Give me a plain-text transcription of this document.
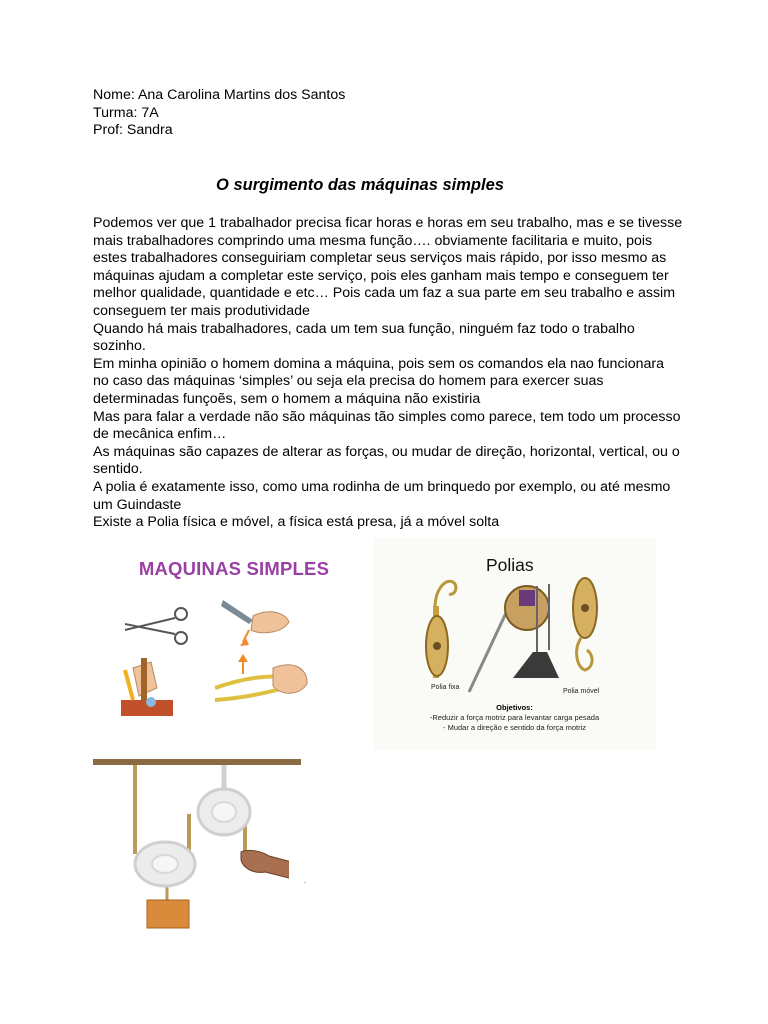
Nome: Ana Carolina Martins dos Santos
Turma: 7A
Prof: Sandra
O surgimento das máquinas simples

Podemos ver que 1 trabalhador precisa ficar horas e horas em seu trabalho, mas e se tivesse mais trabalhadores comprindo uma mesma função…. obviamente facilitaria e muito, pois estes trabalhadores conseguiriam completar seus serviços mais rápido, por isso mesmo as máquinas ajudam a completar este serviço, pois eles ganham mais tempo e conseguem ter melhor qualidade, quantidade e etc… Pois cada um faz a sua parte em seu trabalho e assim conseguem ter mais produtividade

Quando há mais trabalhadores, cada um tem sua função, ninguém faz todo o trabalho sozinho.

Em minha opinião o homem domina a máquina, pois sem os comandos ela nao funcionara no caso das máquinas ‘simples’ ou seja ela precisa do homem para exercer suas determinadas funçoẽs, sem o homem a máquina não existiria

Mas para falar a verdade não são máquinas tão simples como parece, tem todo um processo de mecânica enfim…

As máquinas são capazes de alterar as forças, ou mudar de direção, horizontal, vertical, ou o sentido.

A polia é exatamente isso, como uma rodinha de um brinquedo por exemplo, ou até mesmo um Guindaste

Existe a Polia física e móvel, a física está presa, já a móvel solta

MAQUINAS SIMPLES	Polias
Polia fixa
Polia móvel
Objetivos:
-Reduzir a força motriz para levantar carga pesada
- Mudar a direção e sentido da força motriz
